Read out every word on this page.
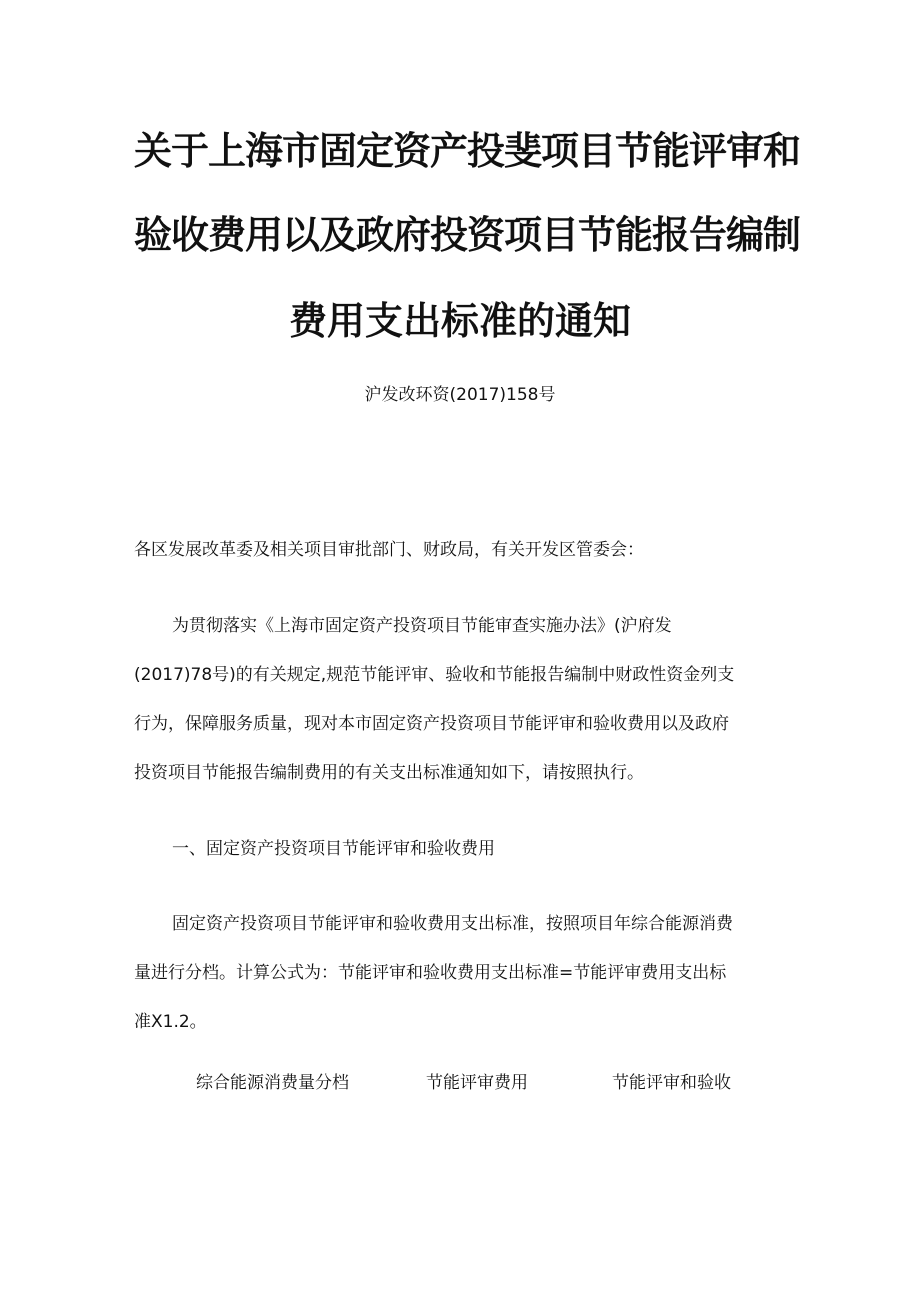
关于上海市固定资产投斐项目节能评审和
验收费用以及政府投资项目节能报告编制
费用支出标准的通知
沪发改环资(2017)158号
各区发展改革委及相关项目审批部门、财政局，有关开发区管委会：
为贯彻落实《上海市固定资产投资项目节能审查实施办法》(沪府发
(2017)78号)的有关规定,规范节能评审、验收和节能报告编制中财政性资金列支
行为，保障服务质量，现对本市固定资产投资项目节能评审和验收费用以及政府
投资项目节能报告编制费用的有关支出标准通知如下，请按照执行。
一、固定资产投资项目节能评审和验收费用
固定资产投资项目节能评审和验收费用支出标准，按照项目年综合能源消费
量进行分档。计算公式为：节能评审和验收费用支出标准=节能评审费用支出标
准X1.2。
综合能源消费量分档	节能评审费用	节能评审和验收
